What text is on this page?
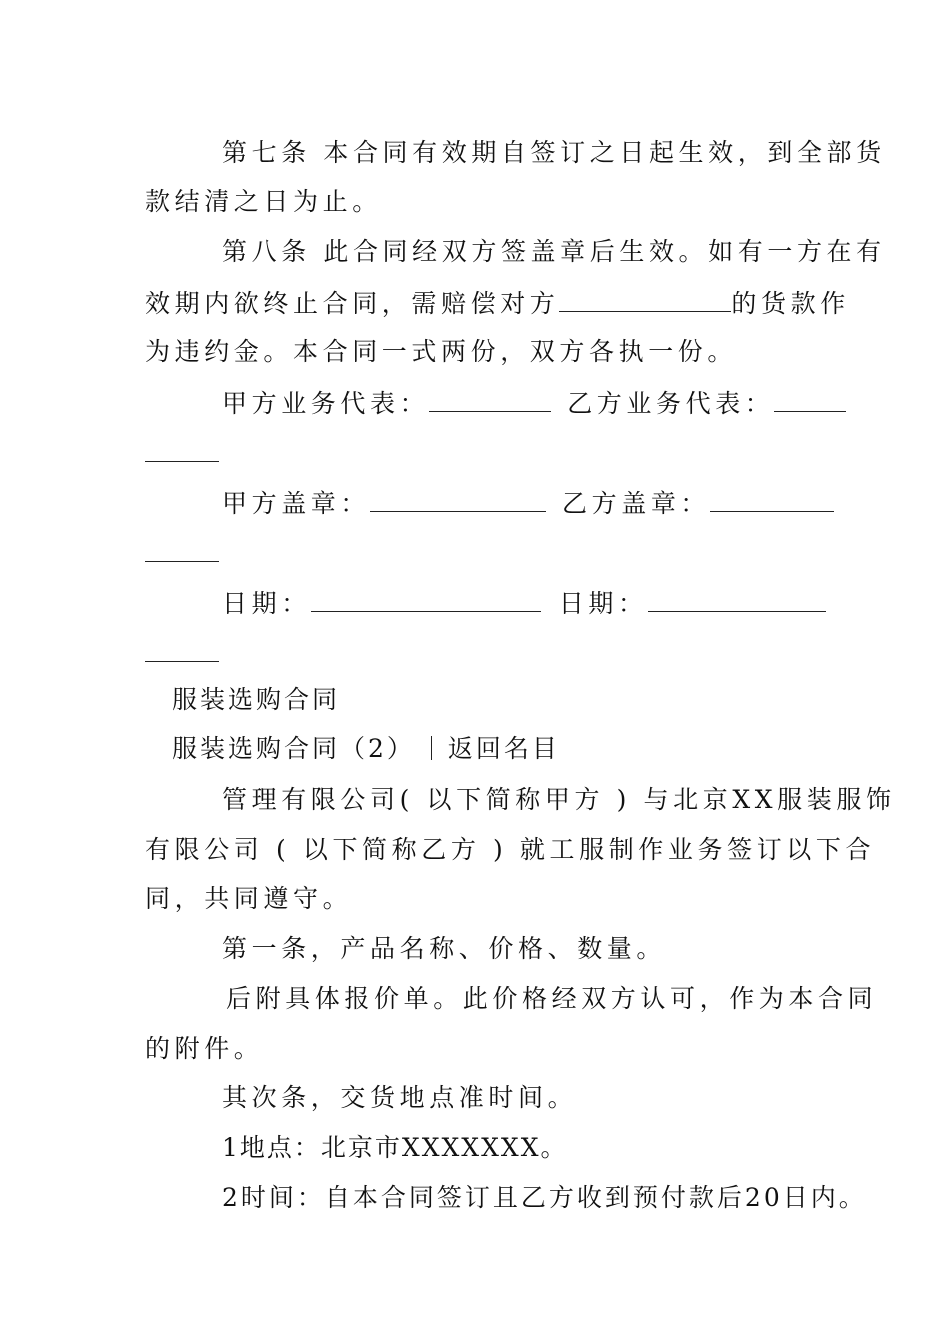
第七条 本合同有效期自签订之日起生效，到全部货
款结清之日为止。
第八条 此合同经双方签盖章后生效。如有一方在有
效期内欲终止合同，需赔偿对方	的货款作
为违约金。本合同一式两份，双方各执一份。
甲方业务代表：	乙方业务代表：
甲方盖章：	乙方盖章：
日期：	日期：
服装选购合同
服装选购合同（2） 返回名目
管理有限公司( 以下简称甲方 ) 与北京XX服装服饰
有限公司 ( 以下简称乙方 ) 就工服制作业务签订以下合
同，共同遵守。
第一条，产品名称、价格、数量。
后附具体报价单。此价格经双方认可，作为本合同
的附件。
其次条，交货地点准时间。
1地点：北京市XXXXXXX。
2时间：自本合同签订且乙方收到预付款后20日内。
